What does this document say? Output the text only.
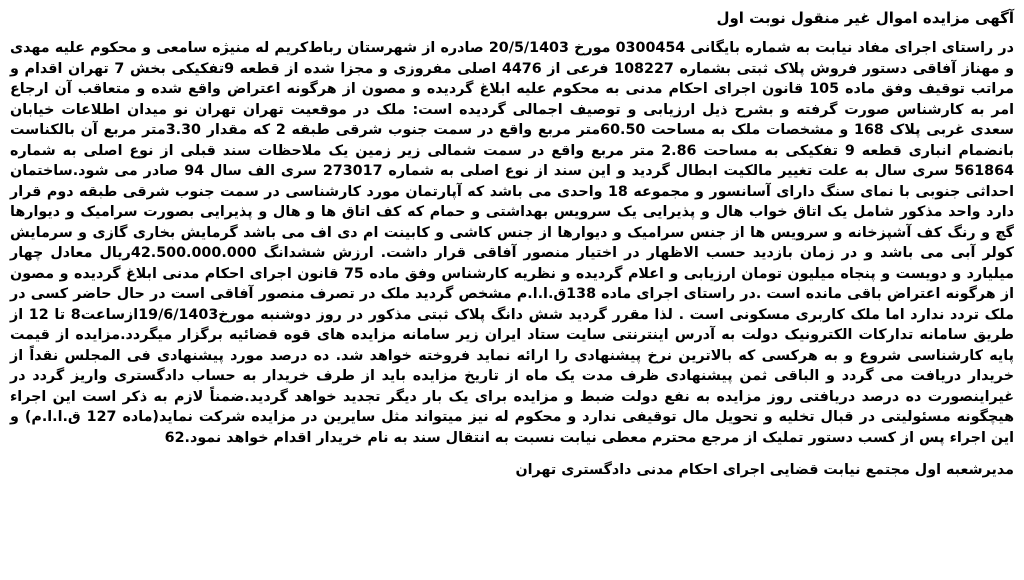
آگهی مزایده اموال غیر منقول نوبت اول

در راستای اجرای مفاد نیابت به شماره بایگانی 0300454 مورخ 20/5/1403 صادره از شهرستان رباط‌کریم له منیژه سامعی و محکوم علیه مهدی و مهناز آفاقی دستور فروش پلاک ثبتی بشماره 108227 فرعی از 4476 اصلی مفروزی و مجزا شده از قطعه 9تفکیکی بخش 7 تهران اقدام و مراتب توقیف وفق ماده 105 قانون اجرای احکام مدنی به محکوم علیه ابلاغ گردیده و مصون از هرگونه اعتراض واقع شده و متعاقب آن ارجاع امر به کارشناس صورت گرفته و بشرح ذیل ارزیابی و توصیف اجمالی گردیده است: ملک در موقعیت تهران تهران نو میدان اطلاعات خیابان سعدی غربی پلاک 168 و مشخصات ملک به مساحت 60.50متر مربع واقع در سمت جنوب شرقی طبقه 2 که مقدار 3.30متر مربع آن بالکناست بانضمام انباری قطعه 9 تفکیکی به مساحت 2.86 متر مربع واقع در سمت شمالی زیر زمین یک ملاحظات سند قبلی از نوع اصلی به شماره 561864 سری سال به علت تغییر مالکیت ابطال گردید و این سند از نوع اصلی به شماره 273017 سری الف سال 94 صادر می شود.ساختمان احداثی جنوبی با نمای سنگ دارای آسانسور و مجموعه 18 واحدی می باشد که آپارتمان مورد کارشناسی در سمت جنوب شرقی طبقه دوم قرار دارد واحد مذکور شامل یک اتاق خواب هال و پذیرایی یک سرویس بهداشتی و حمام که کف اتاق ها و هال و پذیرایی بصورت سرامیک و دیوارها گچ و رنگ کف آشپزخانه و سرویس ها از جنس سرامیک و دیوارها از جنس کاشی و کابینت ام دی اف می باشد گرمایش بخاری گازی و سرمایش کولر آبی می باشد و در زمان بازدید حسب الاظهار در اختیار منصور آفاقی قرار داشت. ارزش ششدانگ 42.500.000.000ریال معادل چهار میلیارد و دویست و پنجاه میلیون تومان ارزیابی و اعلام گردیده و نظریه کارشناس وفق ماده 75 قانون اجرای احکام مدنی ابلاغ گردیده و مصون از هرگونه اعتراض باقی مانده است .در راستای اجرای ماده 138ق.ا.ا.م مشخص گردید ملک در تصرف منصور آفاقی است در حال حاضر کسی در ملک تردد ندارد اما ملک کاربری مسکونی است . لذا مقرر گردید شش دانگ پلاک ثبتی مذکور در روز دوشنبه مورخ19/6/1403ازساعت8 تا 12 از طریق سامانه تدارکات الکترونیک دولت به آدرس اینترنتی سایت ستاد ایران زیر سامانه مزایده های قوه قضائیه برگزار میگردد.مزایده از قیمت پایه کارشناسی شروع و به هرکسی که بالاترین نرخ پیشنهادی را ارائه نماید فروخته خواهد شد. ده درصد مورد پیشنهادی فی المجلس نقداً از خریدار دریافت می گردد و الباقی ثمن پیشنهادی ظرف مدت یک ماه از تاریخ مزایده باید از طرف خریدار به حساب دادگستری واریز گردد در غیراینصورت ده درصد دریافتی روز مزایده به نفع دولت ضبط و مزایده برای یک بار دیگر تجدید خواهد گردید.ضمناً لازم به ذکر است این اجراء هیچگونه مسئولیتی در قبال تخلیه و تحویل مال توقیفی ندارد و محکوم له نیز میتواند مثل سایرین در مزایده شرکت نماید(ماده 127 ق.ا.ا.م) و این اجراء پس از کسب دستور تملیک از مرجع محترم معطی نیابت نسبت به انتقال سند به نام خریدار اقدام خواهد نمود.62

مدیرشعبه اول مجتمع نیابت قضایی اجرای احکام مدنی دادگستری تهران
